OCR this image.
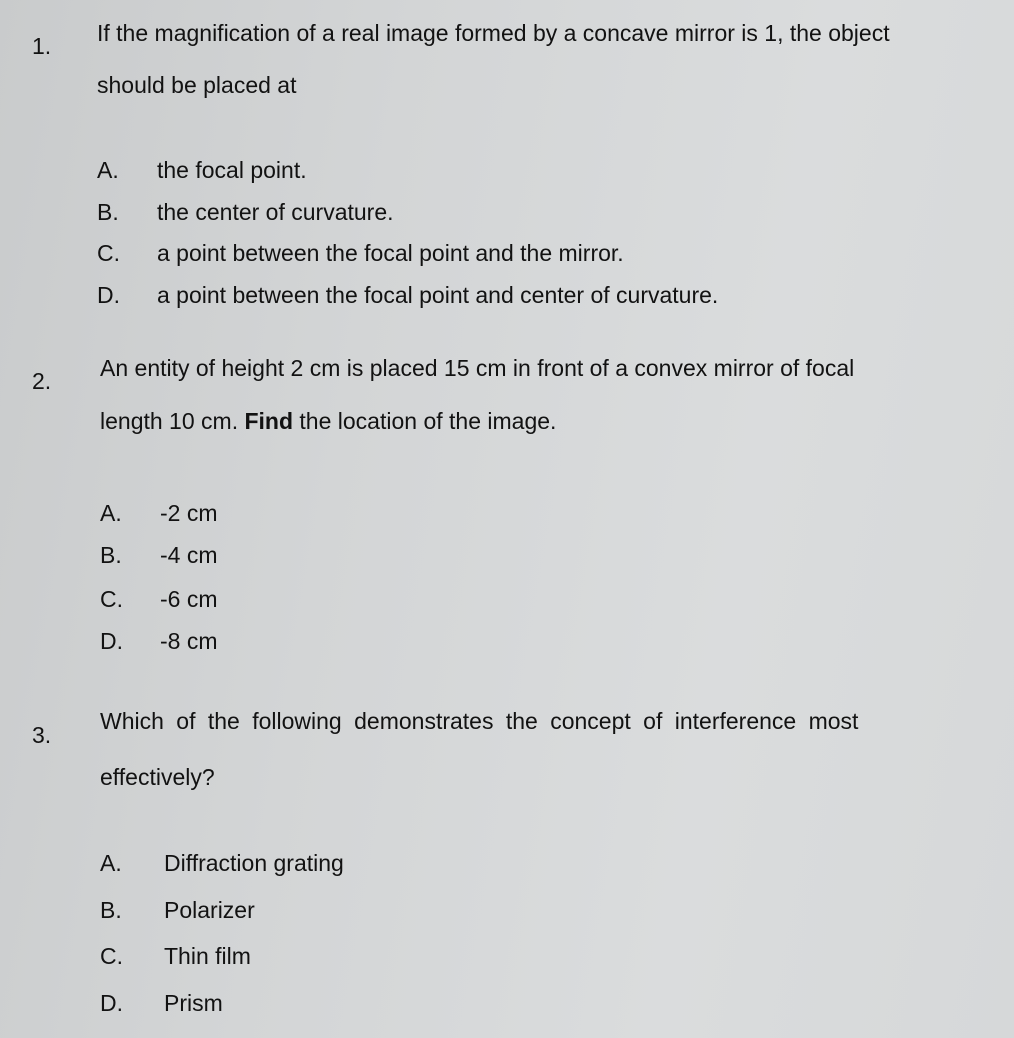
1. If the magnification of a real image formed by a concave mirror is 1, the object
should be placed at
A. the focal point.
B. the center of curvature.
C. a point between the focal point and the mirror.
D. a point between the focal point and center of curvature.
2. An entity of height 2 cm is placed 15 cm in front of a convex mirror of focal
length 10 cm. Find the location of the image.
A. -2 cm
B. -4 cm
C. -6 cm
D. -8 cm
3.
Which of the following demonstrates the concept of interference most
effectively?
A. Diffraction grating
B. Polarizer
C. Thin film
D. Prism
